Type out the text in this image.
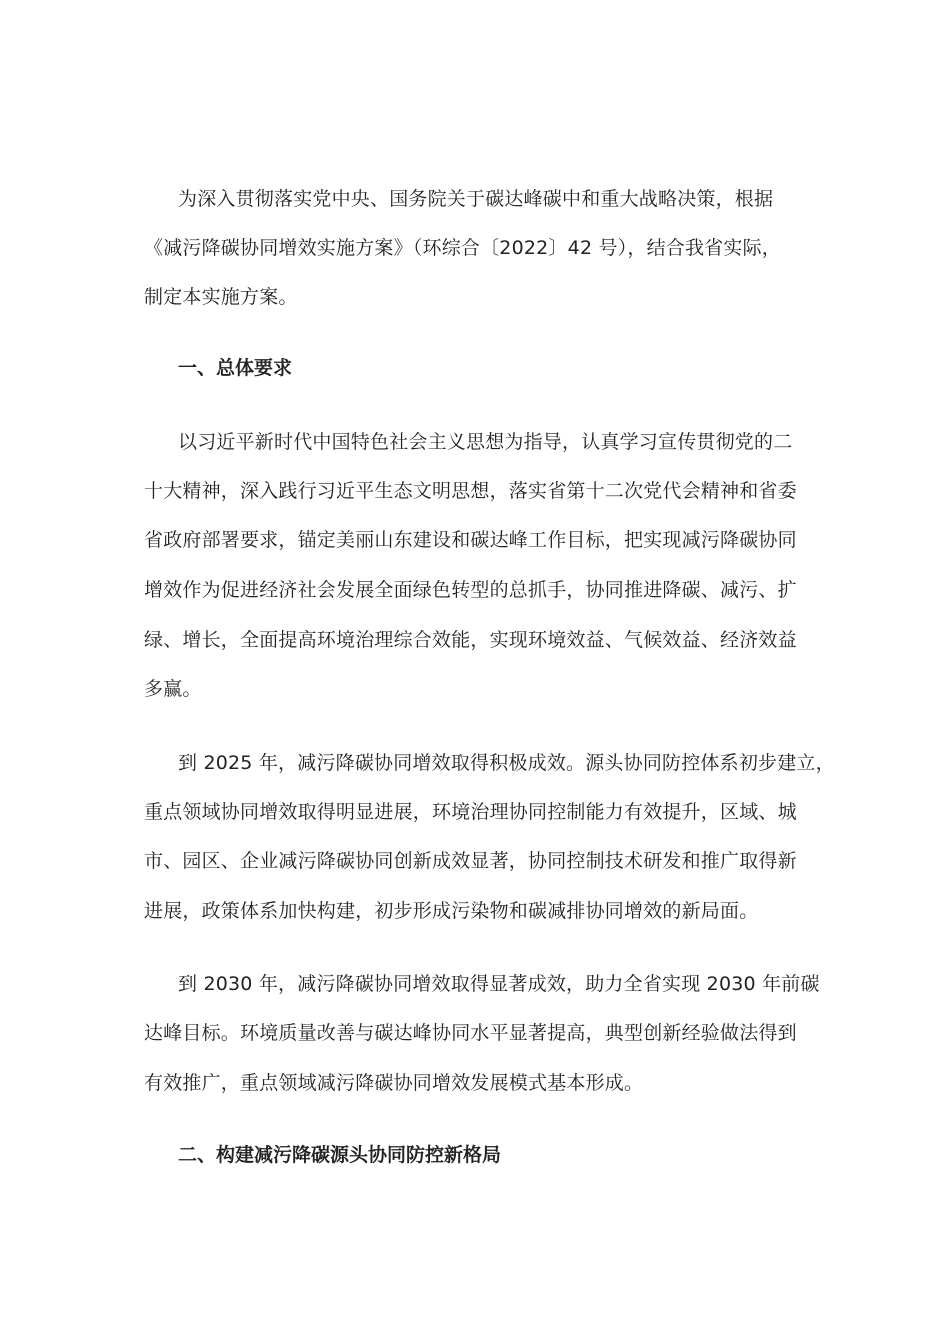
为深入贯彻落实党中央、国务院关于碳达峰碳中和重大战略决策，根据
《减污降碳协同增效实施方案》（环综合〔2022〕42 号），结合我省实际，
制定本实施方案。
一、总体要求
以习近平新时代中国特色社会主义思想为指导，认真学习宣传贯彻党的二
十大精神，深入践行习近平生态文明思想，落实省第十二次党代会精神和省委
省政府部署要求，锚定美丽山东建设和碳达峰工作目标，把实现减污降碳协同
增效作为促进经济社会发展全面绿色转型的总抓手，协同推进降碳、减污、扩
绿、增长，全面提高环境治理综合效能，实现环境效益、气候效益、经济效益
多赢。
到 2025 年，减污降碳协同增效取得积极成效。源头协同防控体系初步建立，
重点领域协同增效取得明显进展，环境治理协同控制能力有效提升，区域、城
市、园区、企业减污降碳协同创新成效显著，协同控制技术研发和推广取得新
进展，政策体系加快构建，初步形成污染物和碳减排协同增效的新局面。
到 2030 年，减污降碳协同增效取得显著成效，助力全省实现 2030 年前碳
达峰目标。环境质量改善与碳达峰协同水平显著提高，典型创新经验做法得到
有效推广，重点领域减污降碳协同增效发展模式基本形成。
二、构建减污降碳源头协同防控新格局
